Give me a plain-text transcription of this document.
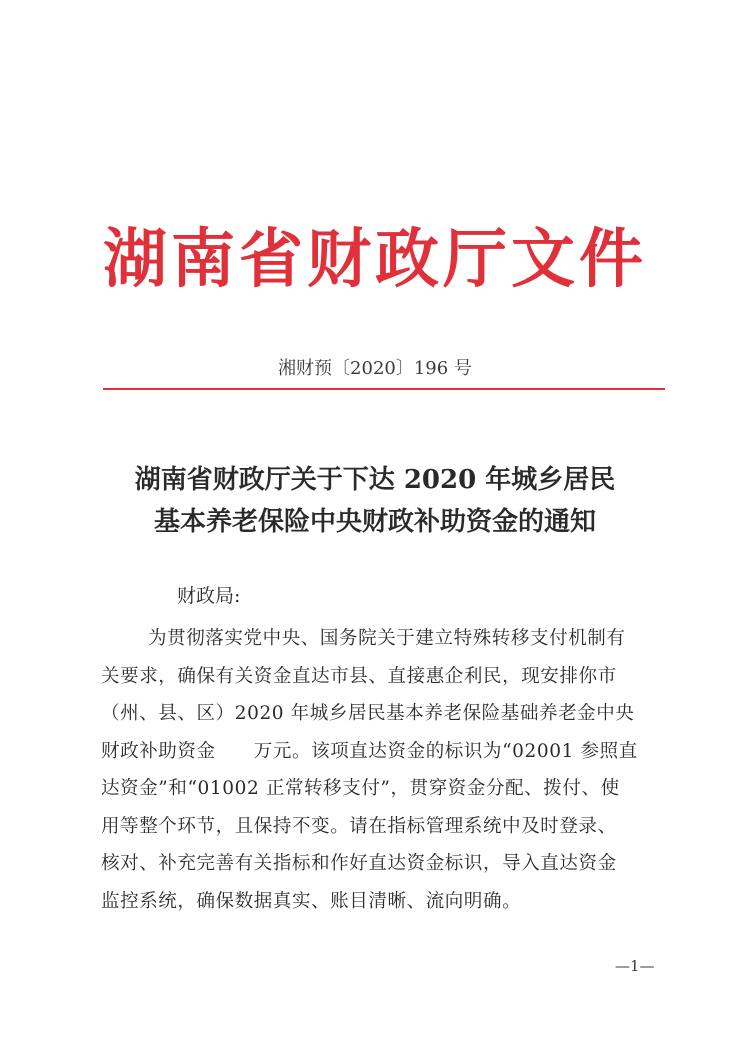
湖南省财政厅文件
湘财预〔2020〕196 号
湖南省财政厅关于下达 2020 年城乡居民
基本养老保险中央财政补助资金的通知
财政局:
为贯彻落实党中央、国务院关于建立特殊转移支付机制有
关要求，确保有关资金直达市县、直接惠企利民，现安排你市
（州、县、区）2020 年城乡居民基本养老保险基础养老金中央
财政补助资金　　万元。该项直达资金的标识为“02001 参照直
达资金”和“01002 正常转移支付”，贯穿资金分配、拨付、使
用等整个环节，且保持不变。请在指标管理系统中及时登录、
核对、补充完善有关指标和作好直达资金标识，导入直达资金
监控系统，确保数据真实、账目清晰、流向明确。
—1—
